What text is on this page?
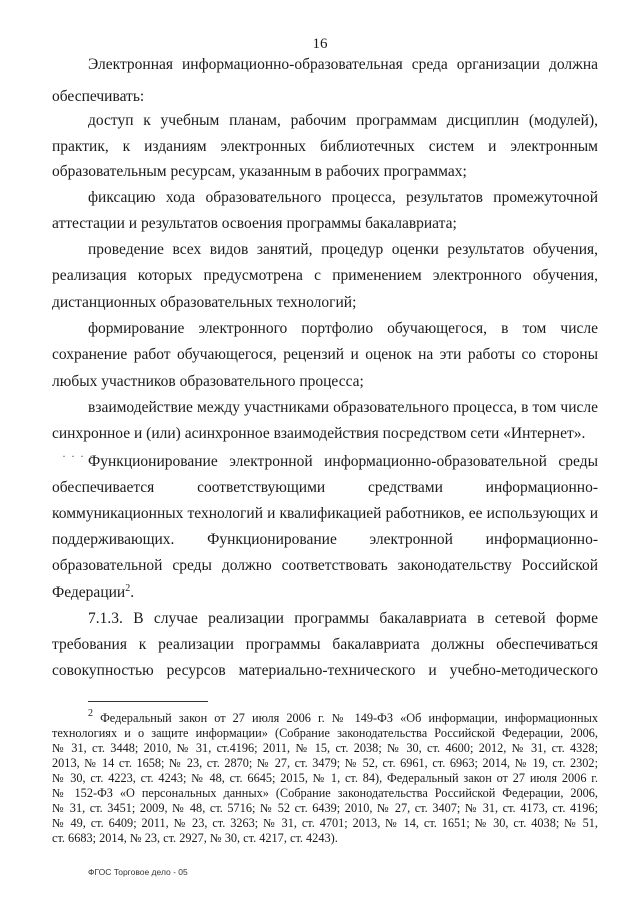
16
Электронная информационно-образовательная среда организации должна
обеспечивать:
доступ к учебным планам, рабочим программам дисциплин (модулей),
практик, к изданиям электронных библиотечных систем и электронным
образовательным ресурсам, указанным в рабочих программах;
фиксацию хода образовательного процесса, результатов промежуточной
аттестации и результатов освоения программы бакалавриата;
проведение всех видов занятий, процедур оценки результатов обучения,
реализация которых предусмотрена с применением электронного обучения,
дистанционных образовательных технологий;
формирование электронного портфолио обучающегося, в том числе
сохранение работ обучающегося, рецензий и оценок на эти работы со стороны
любых участников образовательного процесса;
взаимодействие между участниками образовательного процесса, в том числе
синхронное и (или) асинхронное взаимодействия посредством сети «Интернет».
· · · ·
Функционирование электронной информационно-образовательной среды
обеспечивается соответствующими средствами информационно-
коммуникационных технологий и квалификацией работников, ее использующих и
поддерживающих. Функционирование электронной информационно-
образовательной среды должно соответствовать законодательству Российской
Федерации$^2$.
7.1.3. В случае реализации программы бакалавриата в сетевой форме
требования к реализации программы бакалавриата должны обеспечиваться
совокупностью ресурсов материально-технического и учебно-методического
$^2$ Федеральный закон от 27 июля 2006 г. № 149-ФЗ «Об информации, информационных
технологиях и о защите информации» (Собрание законодательства Российской Федерации, 2006,
№ 31, ст. 3448; 2010, № 31, ст.4196; 2011, № 15, ст. 2038; № 30, ст. 4600; 2012, № 31, ст. 4328;
2013, № 14 ст. 1658; № 23, ст. 2870; № 27, ст. 3479; № 52, ст. 6961, ст. 6963; 2014, № 19, ст. 2302;
№ 30, ст. 4223, ст. 4243; № 48, ст. 6645; 2015, № 1, ст. 84), Федеральный закон от 27 июля 2006 г.
№ 152-ФЗ «О персональных данных» (Собрание законодательства Российской Федерации, 2006,
№ 31, ст. 3451; 2009, № 48, ст. 5716; № 52 ст. 6439; 2010, № 27, ст. 3407; № 31, ст. 4173, ст. 4196;
№ 49, ст. 6409; 2011, № 23, ст. 3263; № 31, ст. 4701; 2013, № 14, ст. 1651; № 30, ст. 4038; № 51,
ст. 6683; 2014, № 23, ст. 2927, № 30, ст. 4217, ст. 4243).
ФГОС Торговое дело - 05
